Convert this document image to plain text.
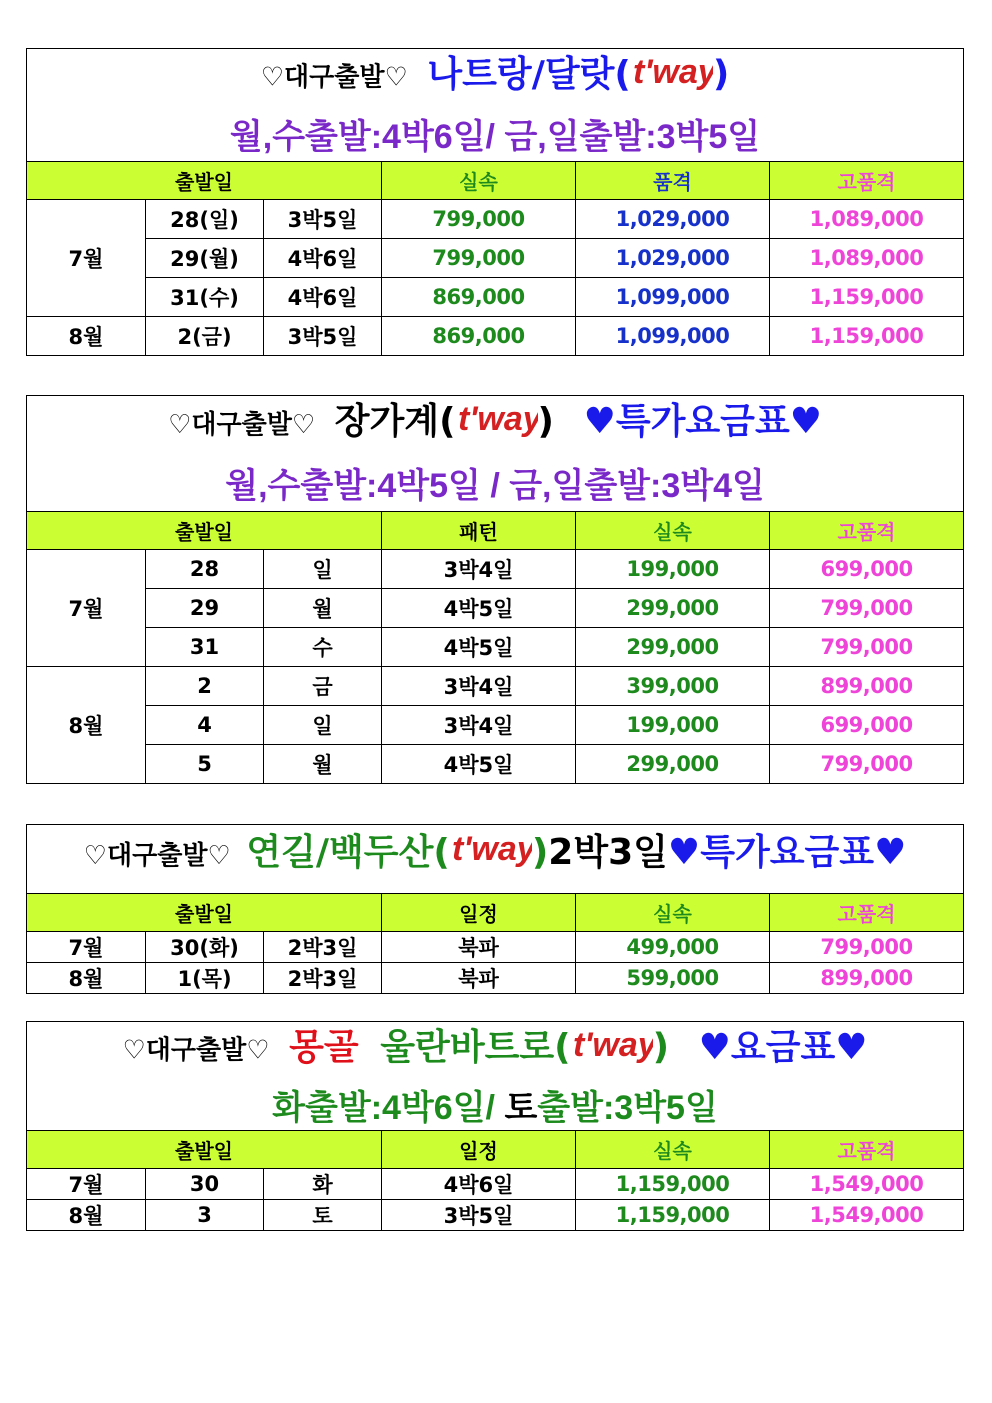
♡대구출발♡ 나트랑/달랏( t'way
)
월,수출발:4박6일/ 금,일출발:3박5일					

출발일			실속	품격	고품격
7월	28(일)	3박5일	799,000	1,029,000	1,089,000
	29(월)	4박6일	799,000	1,029,000	1,089,000
	31(수)	4박6일	869,000	1,099,000	1,159,000
8월	2(금)	3박5일	869,000	1,099,000	1,159,000
♡대구출발♡ 장가계( t'way
) ♥특가요금표♥
월,수출발:4박5일 / 금,일출발:3박4일					

출발일			패턴	실속	고품격
7월	28	일	3박4일	199,000	699,000
	29	월	4박5일	299,000	799,000
	31	수	4박5일	299,000	799,000
8월	2	금	3박4일	399,000	899,000
	4	일	3박4일	199,000	699,000
	5	월	4박5일	299,000	799,000
♡대구출발♡ 연길/백두산( t'way
)2박3일♥특가요금표♥					

출발일			일정	실속	고품격
7월	30(화)	2박3일	북파	499,000	799,000
8월	1(목)	2박3일	북파	599,000	899,000
♡대구출발♡ 몽골 울란바트로( t'way
) ♥요금표♥
화출발:4박6일/ 토출발:3박5일					

출발일			일정	실속	고품격
7월	30	화	4박6일	1,159,000	1,549,000
8월	3	토	3박5일	1,159,000	1,549,000
